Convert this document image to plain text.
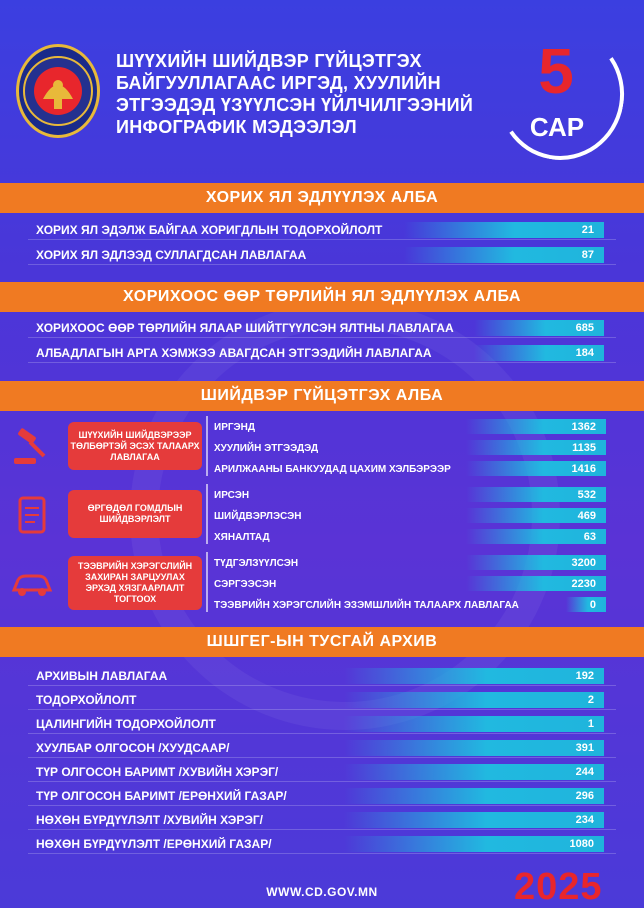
ШҮҮХИЙН ШИЙДВЭР ГҮЙЦЭТГЭХ
БАЙГУУЛЛАГААС ИРГЭД, ХУУЛИЙН
ЭТГЭЭДЭД ҮЗҮҮЛСЭН ҮЙЛЧИЛГЭЭНИЙ
ИНФОГРАФИК МЭДЭЭЛЭЛ
5
САР
ХОРИХ ЯЛ ЭДЛҮҮЛЭХ АЛБА
ХОРИХ ЯЛ ЭДЭЛЖ БАЙГАА ХОРИГДЛЫН ТОДОРХОЙЛОЛТ	21
ХОРИХ ЯЛ ЭДЛЭЭД СУЛЛАГДСАН ЛАВЛАГАА	87
ХОРИХООС ӨӨР ТӨРЛИЙН ЯЛ ЭДЛҮҮЛЭХ АЛБА
ХОРИХООС ӨӨР ТӨРЛИЙН ЯЛААР ШИЙТГҮҮЛСЭН ЯЛТНЫ ЛАВЛАГАА	685
АЛБАДЛАГЫН АРГА ХЭМЖЭЭ АВАГДСАН ЭТГЭЭДИЙН ЛАВЛАГАА	184
ШИЙДВЭР ГҮЙЦЭТГЭХ АЛБА
ШҮҮХИЙН ШИЙДВЭРЭЭР ТӨЛБӨРТЭЙ ЭСЭХ ТАЛААРХ ЛАВЛАГАА
ИРГЭНД	1362
ХУУЛИЙН ЭТГЭЭДЭД	1135
АРИЛЖААНЫ БАНКУУДАД ЦАХИМ ХЭЛБЭРЭЭР	1416
ӨРГӨДӨЛ ГОМДЛЫН ШИЙДВЭРЛЭЛТ
ИРСЭН	532
ШИЙДВЭРЛЭСЭН	469
ХЯНАЛТАД	63
ТЭЭВРИЙН ХЭРЭГСЛИЙН ЗАХИРАН ЗАРЦУУЛАХ ЭРХЭД ХЯЗГААРЛАЛТ ТОГТООХ
ТҮДГЭЛЗҮҮЛСЭН	3200
СЭРГЭЭСЭН	2230
ТЭЭВРИЙН ХЭРЭГСЛИЙН ЭЗЭМШЛИЙН ТАЛААРХ ЛАВЛАГАА	0
ШШГЕГ-ЫН ТУСГАЙ АРХИВ
АРХИВЫН ЛАВЛАГАА	192
ТОДОРХОЙЛОЛТ	2
ЦАЛИНГИЙН ТОДОРХОЙЛОЛТ	1
ХУУЛБАР ОЛГОСОН /ХУУДСААР/	391
ТҮР ОЛГОСОН БАРИМТ /ХУВИЙН ХЭРЭГ/	244
ТҮР ОЛГОСОН БАРИМТ /ЕРӨНХИЙ ГАЗАР/	296
НӨХӨН БҮРДҮҮЛЭЛТ /ХУВИЙН ХЭРЭГ/	234
НӨХӨН БҮРДҮҮЛЭЛТ /ЕРӨНХИЙ ГАЗАР/	1080
WWW.CD.GOV.MN	2025
